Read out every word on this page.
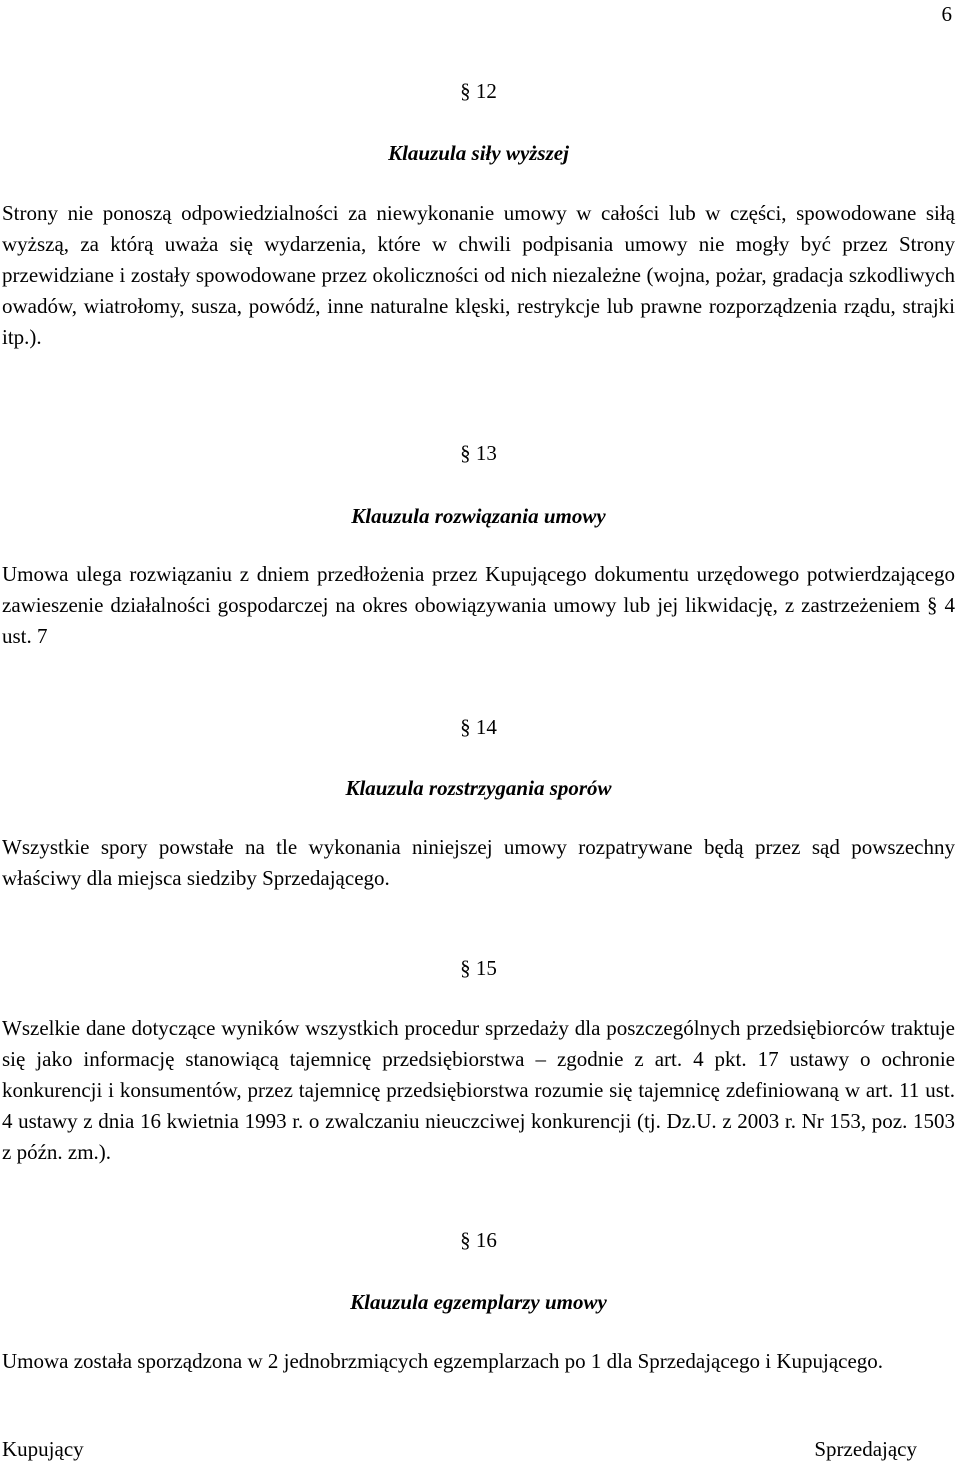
6
§ 12
Klauzula siły wyższej

Strony nie ponoszą odpowiedzialności za niewykonanie umowy w całości lub w części, spowodowane siłą wyższą, za którą uważa się wydarzenia, które w chwili podpisania umowy nie mogły być przez Strony przewidziane i zostały spowodowane przez okoliczności od nich niezależne (wojna, pożar, gradacja szkodliwych owadów, wiatrołomy, susza, powódź, inne naturalne klęski, restrykcje lub prawne rozporządzenia rządu, strajki itp.).

§ 13
Klauzula rozwiązania umowy

Umowa ulega rozwiązaniu z dniem przedłożenia przez Kupującego dokumentu urzędowego potwierdzającego zawieszenie działalności gospodarczej na okres obowiązywania umowy lub jej likwidację, z zastrzeżeniem § 4 ust. 7

§ 14
Klauzula rozstrzygania sporów

Wszystkie spory powstałe na tle wykonania niniejszej umowy rozpatrywane będą przez sąd powszechny właściwy dla miejsca siedziby Sprzedającego.

§ 15

Wszelkie dane dotyczące wyników wszystkich procedur sprzedaży dla poszczególnych przedsiębiorców traktuje się jako informację stanowiącą tajemnicę przedsiębiorstwa – zgodnie z art. 4 pkt. 17 ustawy o ochronie konkurencji i konsumentów, przez tajemnicę przedsiębiorstwa rozumie się tajemnicę zdefiniowaną w art. 11 ust. 4 ustawy z dnia 16 kwietnia 1993 r. o zwalczaniu nieuczciwej konkurencji (tj. Dz.U. z 2003 r. Nr 153, poz. 1503 z późn. zm.).

§ 16
Klauzula egzemplarzy umowy

Umowa została sporządzona w 2 jednobrzmiących egzemplarzach po 1 dla Sprzedającego i Kupującego.

Kupujący	Sprzedający
